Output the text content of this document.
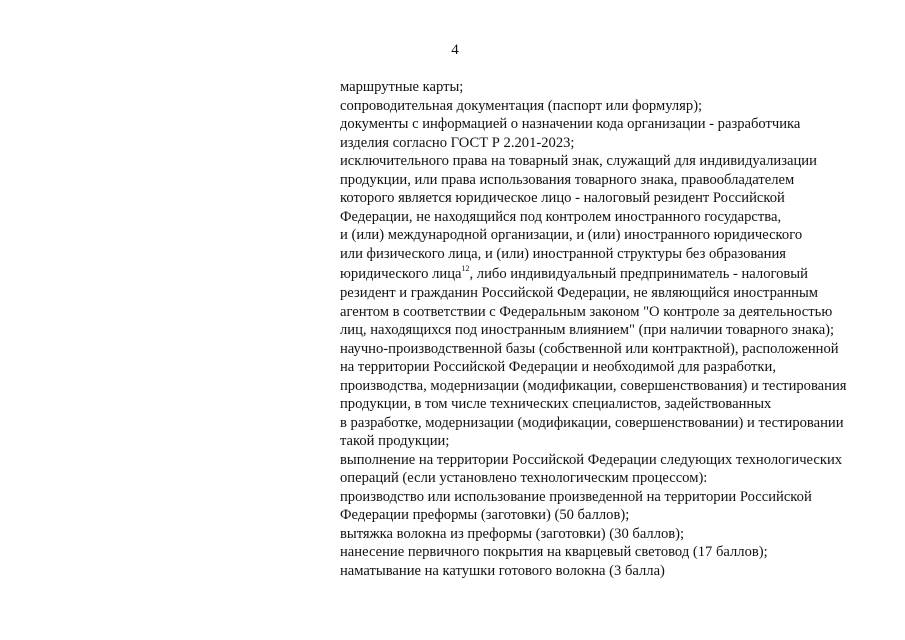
4
маршрутные карты;
сопроводительная документация (паспорт или формуляр);
документы с информацией о назначении кода организации - разработчика
изделия согласно ГОСТ Р 2.201-2023;
исключительного права на товарный знак, служащий для индивидуализации
продукции, или права использования товарного знака, правообладателем
которого является юридическое лицо - налоговый резидент Российской
Федерации, не находящийся под контролем иностранного государства,
и (или) международной организации, и (или) иностранного юридического
или физического лица, и (или) иностранной структуры без образования
юридического лица$^{12}$, либо индивидуальный предприниматель - налоговый
резидент и гражданин Российской Федерации, не являющийся иностранным
агентом в соответствии с Федеральным законом "О контроле за деятельностью
лиц, находящихся под иностранным влиянием" (при наличии товарного знака);
научно-производственной базы (собственной или контрактной), расположенной
на территории Российской Федерации и необходимой для разработки,
производства, модернизации (модификации, совершенствования) и тестирования
продукции, в том числе технических специалистов, задействованных
в разработке, модернизации (модификации, совершенствовании) и тестировании
такой продукции;
выполнение на территории Российской Федерации следующих технологических
операций (если установлено технологическим процессом):
производство или использование произведенной на территории Российской
Федерации преформы (заготовки) (50 баллов);
вытяжка волокна из преформы (заготовки) (30 баллов);
нанесение первичного покрытия на кварцевый световод (17 баллов);
наматывание на катушки готового волокна (3 балла)
